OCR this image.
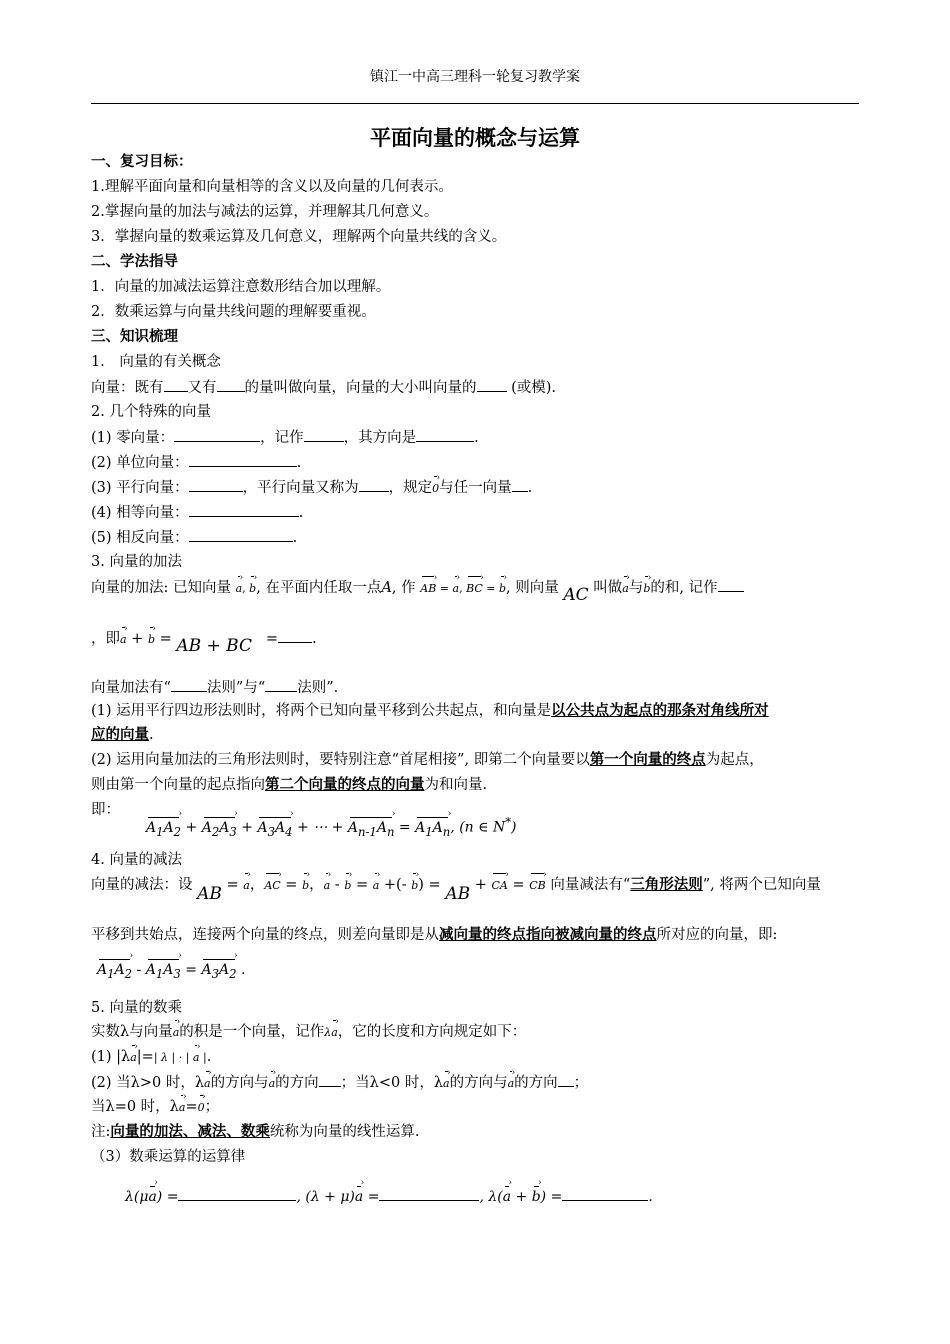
镇江一中高三理科一轮复习教学案
平面向量的概念与运算
一、复习目标：
1.理解平面向量和向量相等的含义以及向量的几何表示。
2.掌握向量的加法与减法的运算，并理解其几何意义。
3．掌握向量的数乘运算及几何意义，理解两个向量共线的含义。
二、学法指导
1．向量的加减法运算注意数形结合加以理解。
2．数乘运算与向量共线问题的理解要重视。
三、知识梳理
1． 向量的有关概念
向量：既有 又有 的量叫做向量，向量的大小叫向量的 (或模).
2. 几个特殊的向量
(1) 零向量：	，记作	，其方向是	.
(2) 单位向量：	.
(3) 平行向量：	，平行向量又称为 ，规定0 ›与任一向量 .
(4) 相等向量：	.
(5) 相反向量：	.
3. 向量的加法
向量的加法: 已知向量 a ›, b ›, 在平面内任取一点A, 作 AB › = a ›, BC › = b ›, 则向量 AC 叫做a ›与b ›的和, 记作
，即a › + b › = AB + BC   = .
向量加法有“ 法则”与“ 法则”.
(1) 运用平行四边形法则时，将两个已知向量平移到公共起点，和向量是以公共点为起点的那条对角线所对
应的向量.
(2) 运用向量加法的三角形法则时，要特别注意“首尾相接”, 即第二个向量要以第一个向量的终点为起点，
则由第一个向量的起点指向第二个向量的终点的向量为和向量.
即：
$A_1A_2$ › + $A_2A_3$ › + $A_3A_4$ › + ⋯ + $A_{n-1}A_n$ › = $A_1A_n$ ›, (n ∈ N*)
4. 向量的减法
向量的减法：设 AB = a ›，AC › = b ›，a › - b › = a › +(- b ›) = AB + CA › = CB › 向量减法有“三角形法则”, 将两个已知向量
平移到共始点，连接两个向量的终点，则差向量即是从减向量的终点指向被减向量的终点所对应的向量，即:
$A_1A_2$ › - $A_1A_3$ › = $A_3A_2$ › .
5. 向量的数乘
实数λ与向量a ›的积是一个向量，记作λa ›，它的长度和方向规定如下：
(1) |λa ›|=| λ | · | a › |.
(2) 当λ>0 时，λa ›的方向与a ›的方向 ；当λ<0 时，λa ›的方向与a ›的方向 ；
当λ=0 时，λa ›=0 ›；
注:向量的加法、减法、数乘统称为向量的线性运算.
（3）数乘运算的运算律
λ(μa ›) =	, (λ + μ)a › =	, λ(a › + b ›) =	.
